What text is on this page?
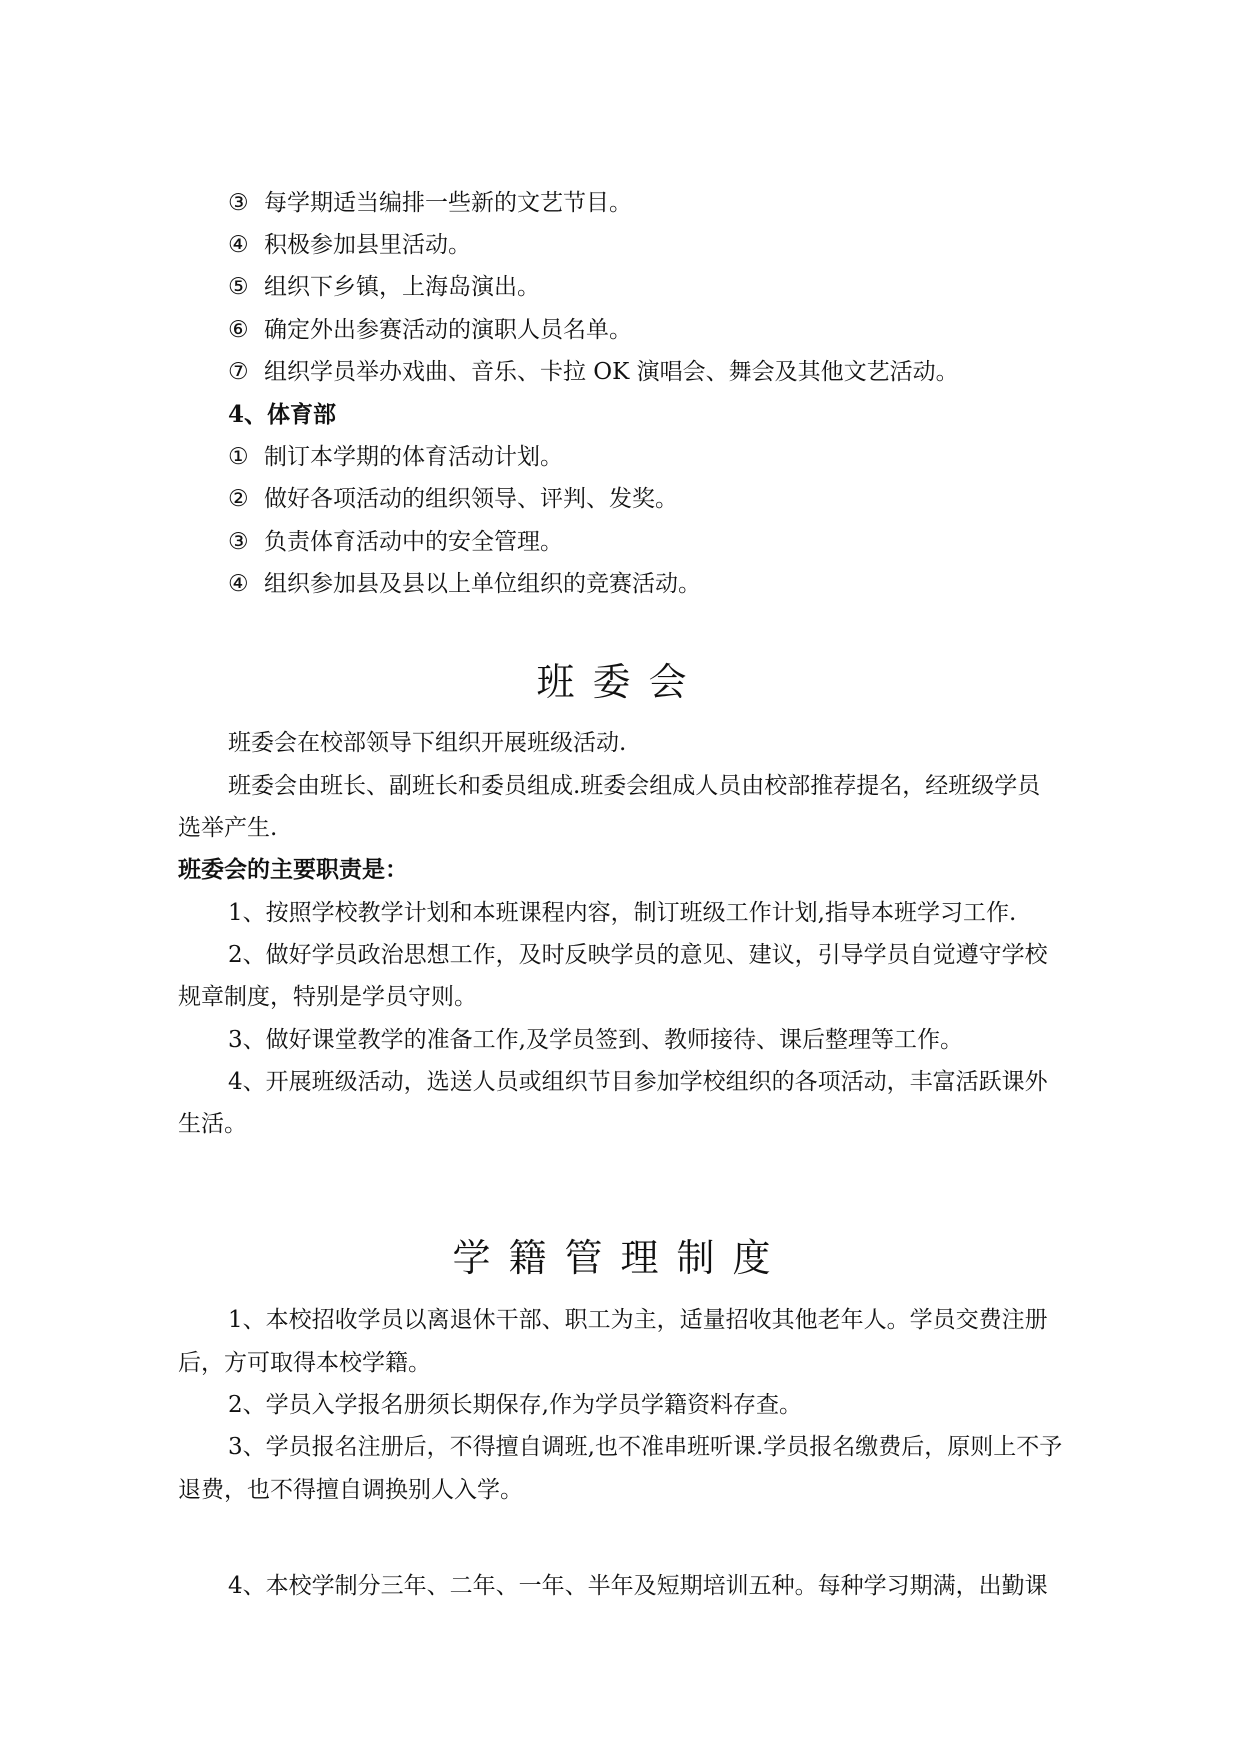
③ 每学期适当编排一些新的文艺节目。
④ 积极参加县里活动。
⑤ 组织下乡镇，上海岛演出。
⑥ 确定外出参赛活动的演职人员名单。
⑦ 组织学员举办戏曲、音乐、卡拉 OK 演唱会、舞会及其他文艺活动。
4、体育部
① 制订本学期的体育活动计划。
② 做好各项活动的组织领导、评判、发奖。
③ 负责体育活动中的安全管理。
④ 组织参加县及县以上单位组织的竞赛活动。
班委会
班委会在校部领导下组织开展班级活动.
班委会由班长、副班长和委员组成.班委会组成人员由校部推荐提名，经班级学员
选举产生.
班委会的主要职责是：
1、按照学校教学计划和本班课程内容，制订班级工作计划,指导本班学习工作.
2、做好学员政治思想工作，及时反映学员的意见、建议，引导学员自觉遵守学校
规章制度，特别是学员守则。
3、做好课堂教学的准备工作,及学员签到、教师接待、课后整理等工作。
4、开展班级活动，选送人员或组织节目参加学校组织的各项活动，丰富活跃课外
生活。
学籍管理制度
1、本校招收学员以离退休干部、职工为主，适量招收其他老年人。学员交费注册
后，方可取得本校学籍。
2、学员入学报名册须长期保存,作为学员学籍资料存查。
3、学员报名注册后，不得擅自调班,也不准串班听课.学员报名缴费后，原则上不予
退费，也不得擅自调换别人入学。
4、本校学制分三年、二年、一年、半年及短期培训五种。每种学习期满，出勤课
